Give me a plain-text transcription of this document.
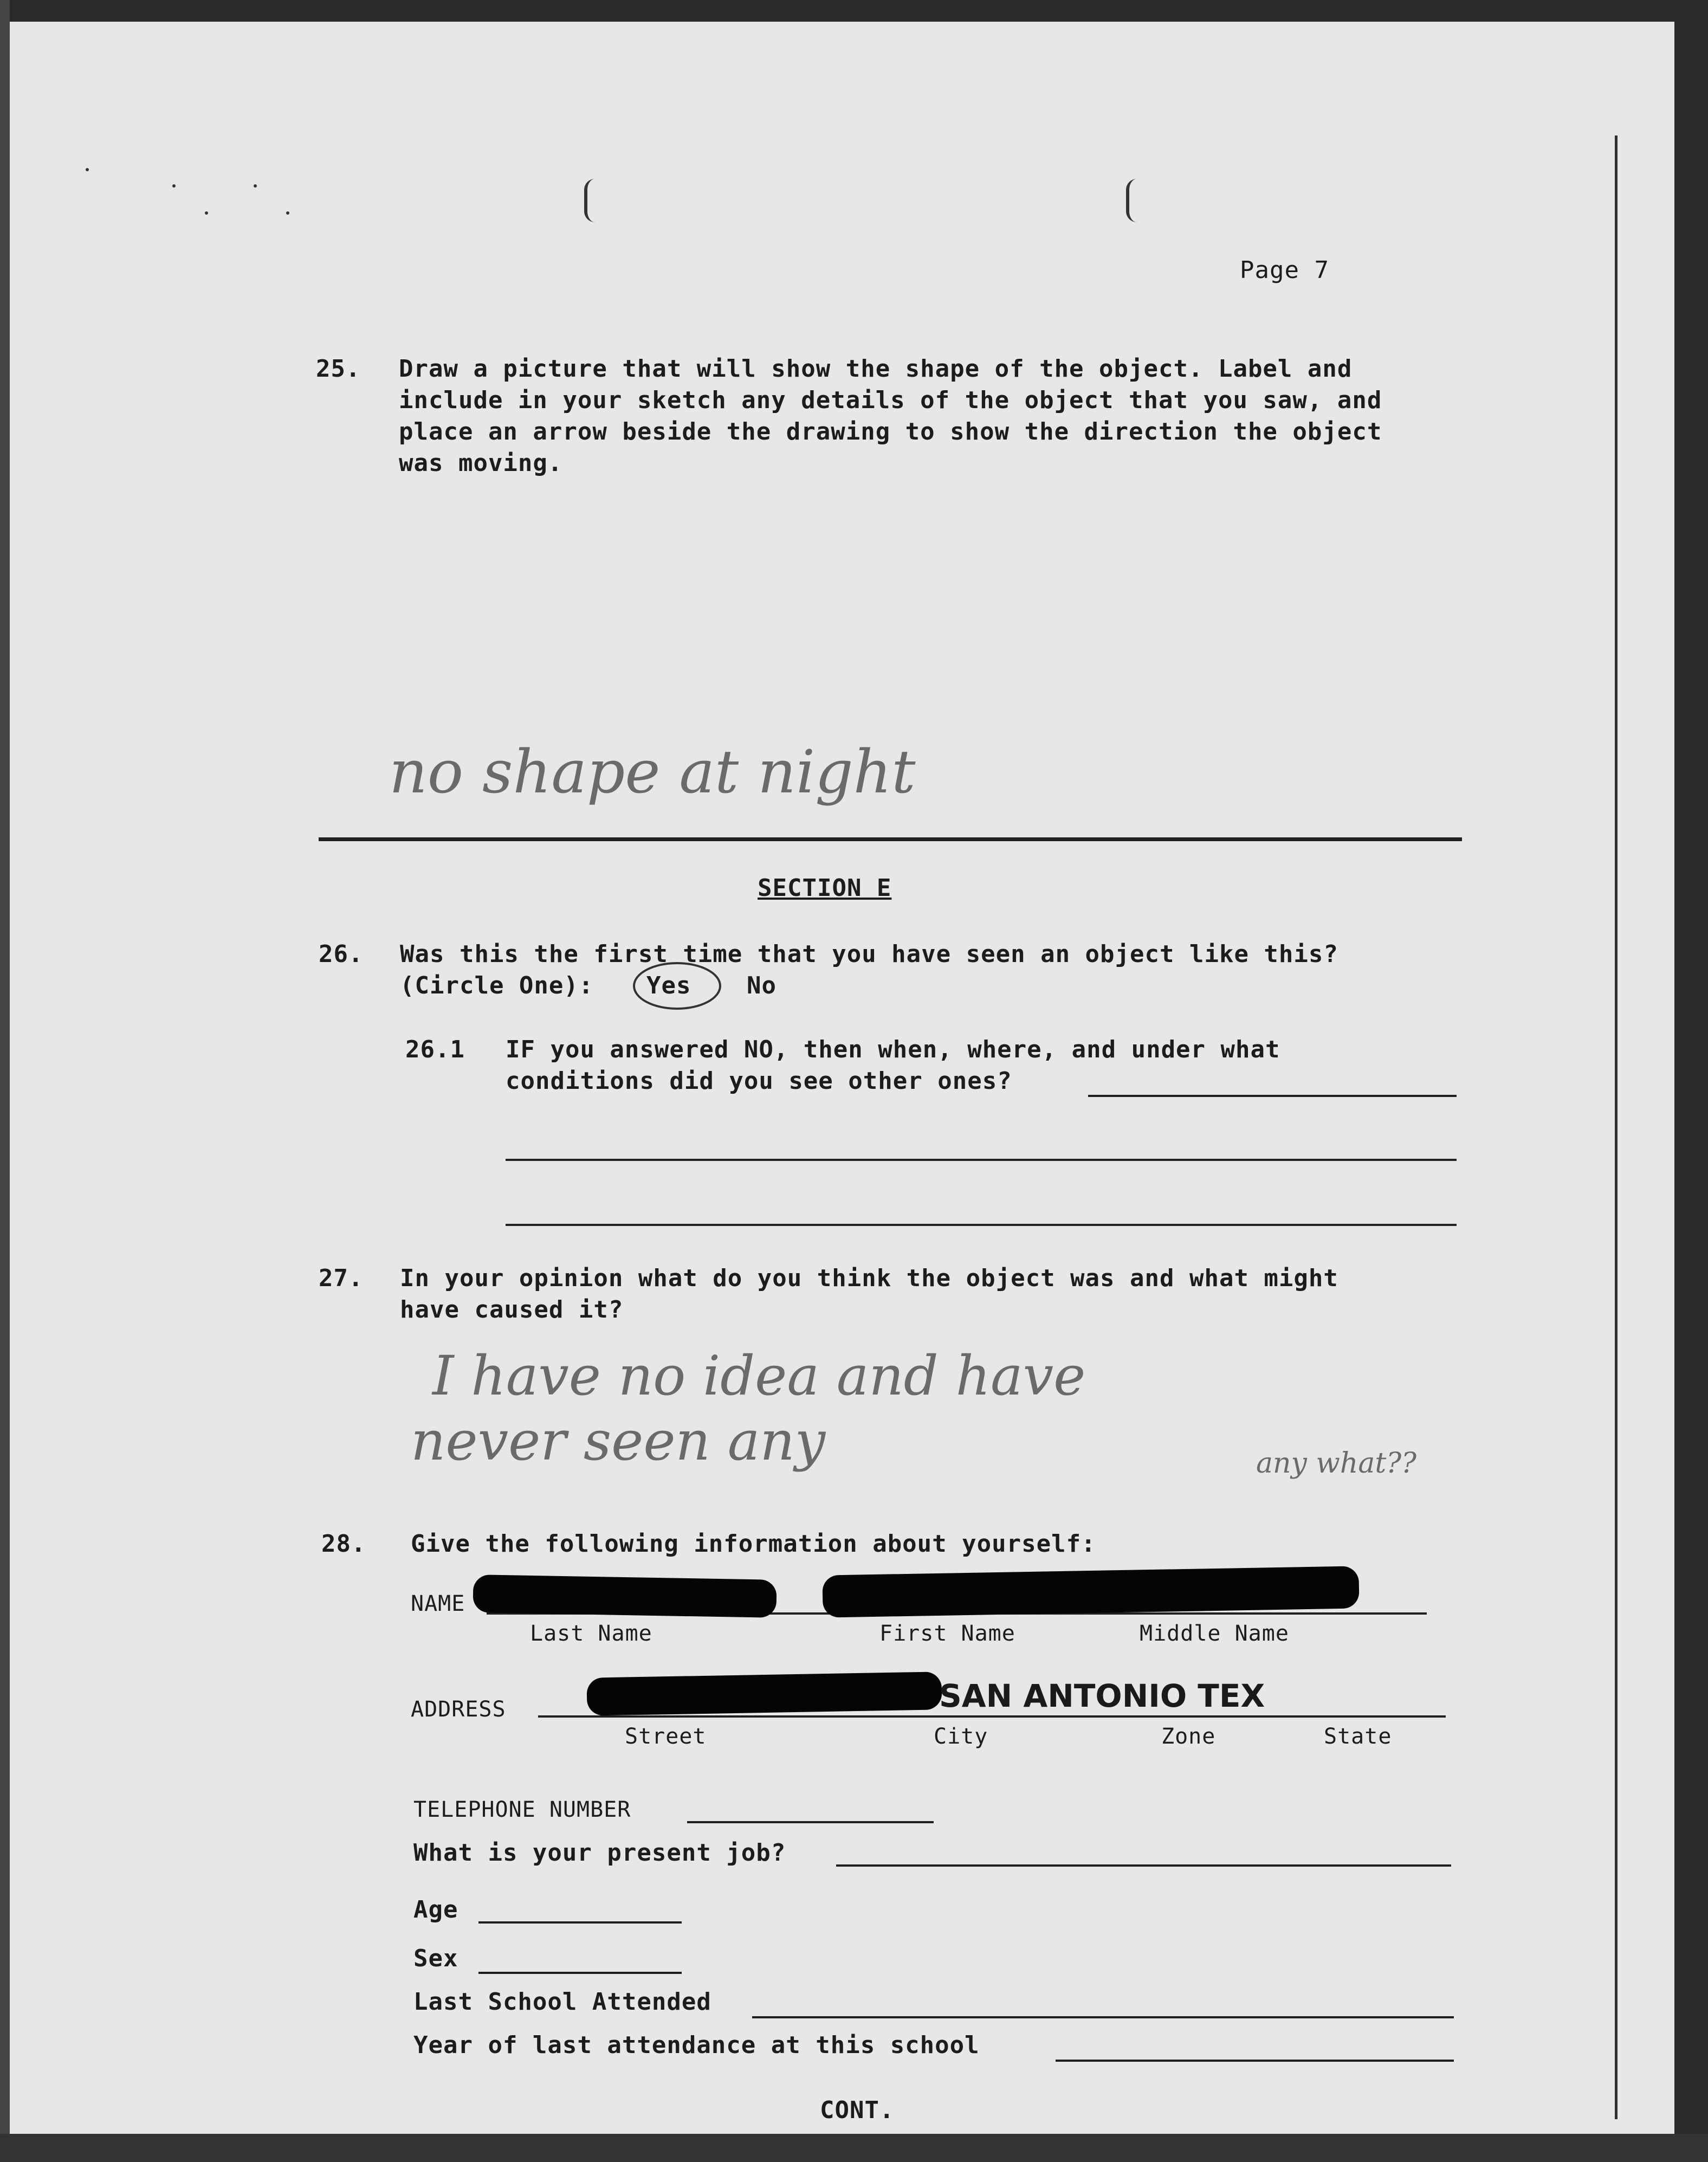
Page 7
25. Draw a picture that will show the shape of the object. Label and
include in your sketch any details of the object that you saw, and
place an arrow beside the drawing to show the direction the object
was moving.
no shape at night
SECTION E
26. Was this the first time that you have seen an object like this?
(Circle One): Yes No
26.1 IF you answered NO, then when, where, and under what
conditions did you see other ones?
27. In your opinion what do you think the object was and what might
have caused it?
I have no idea and have
never seen any	any what??
28. Give the following information about yourself:
NAME
Last Name	First Name	Middle Name
ADDRESS	SAN ANTONIO TEX
Street	City	Zone	State
TELEPHONE NUMBER
What is your present job?
Age
Sex
Last School Attended
Year of last attendance at this school
CONT.
